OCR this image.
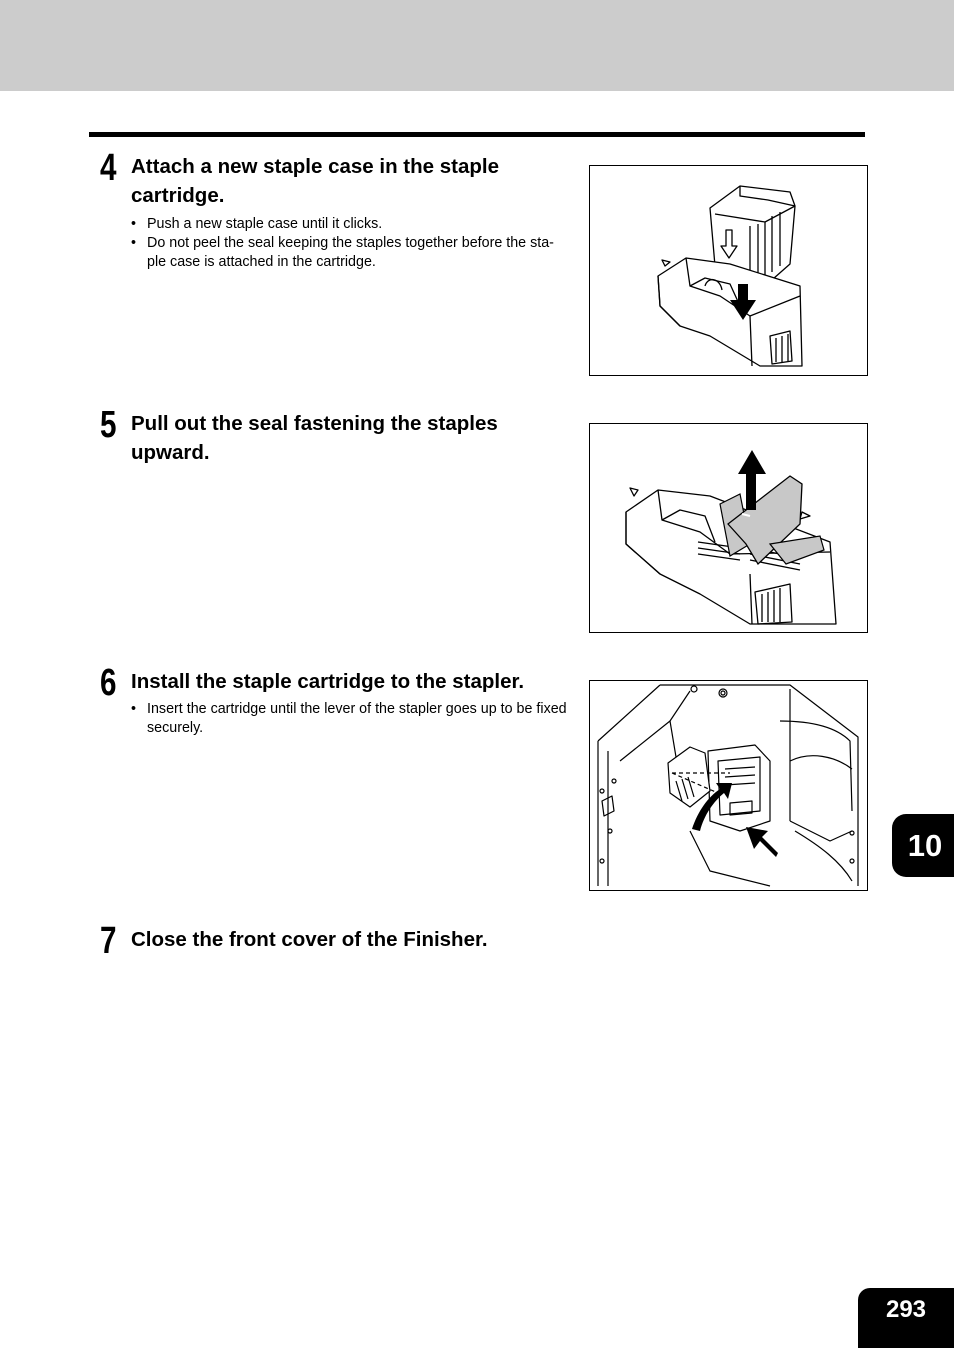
4 Attach a new staple case in the staple cartridge.
• Push a new staple case until it clicks.
• Do not peel the seal keeping the staples together before the sta-ple case is attached in the cartridge.
5 Pull out the seal fastening the staples upward.
6 Install the staple cartridge to the stapler.
• Insert the cartridge until the lever of the stapler goes up to be fixed securely.
7 Close the front cover of the Finisher.
10
293
